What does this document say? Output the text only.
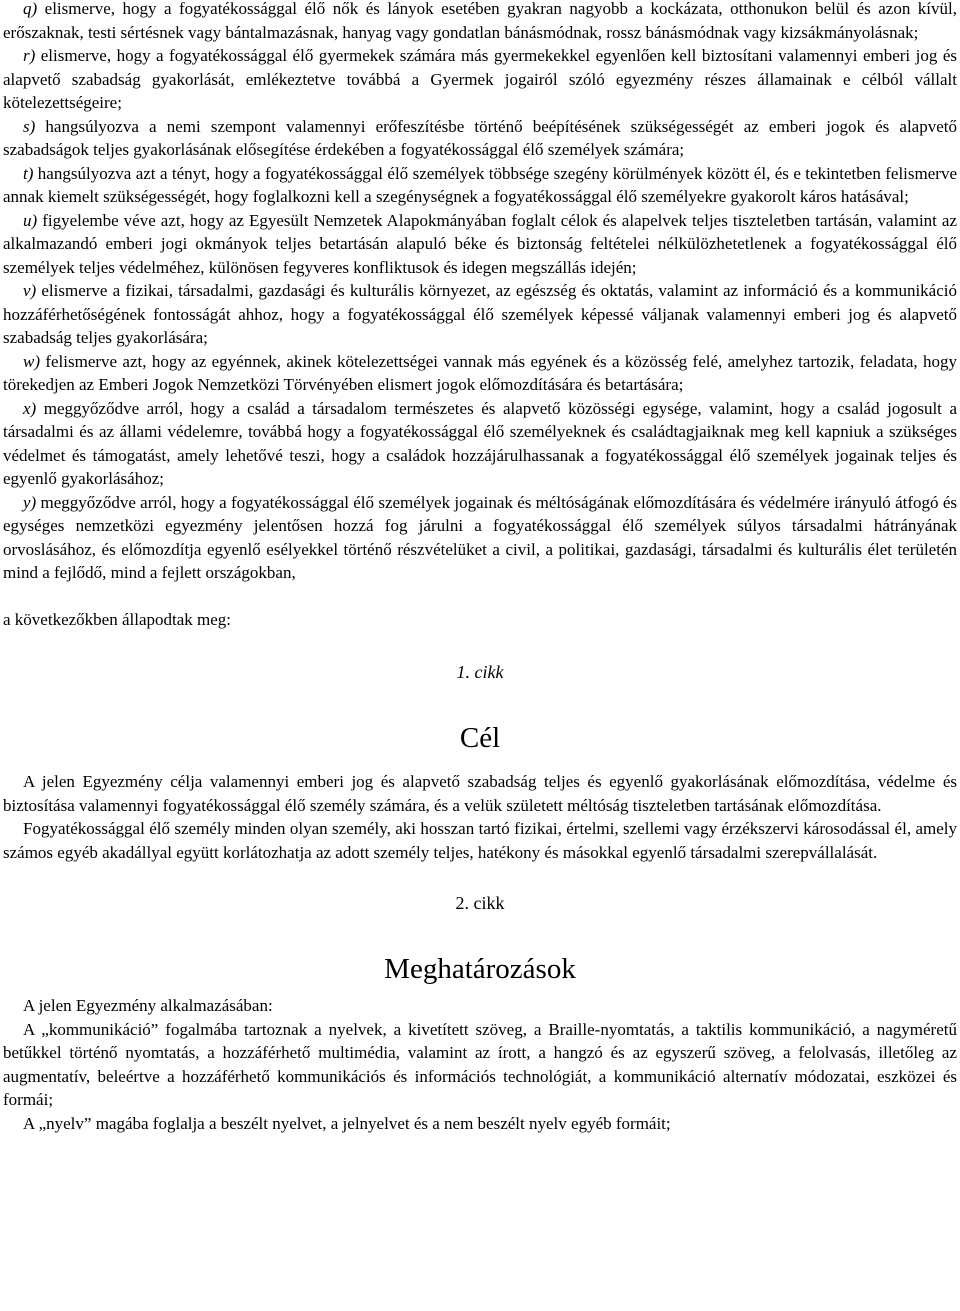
q) elismerve, hogy a fogyatékossággal élő nők és lányok esetében gyakran nagyobb a kockázata, otthonukon belül és azon kívül, erőszaknak, testi sértésnek vagy bántalmazásnak, hanyag vagy gondatlan bánásmódnak, rossz bánásmódnak vagy kizsákmányolásnak;

r) elismerve, hogy a fogyatékossággal élő gyermekek számára más gyermekekkel egyenlően kell biztosítani valamennyi emberi jog és alapvető szabadság gyakorlását, emlékeztetve továbbá a Gyermek jogairól szóló egyezmény részes államainak e célból vállalt kötelezettségeire;

s) hangsúlyozva a nemi szempont valamennyi erőfeszítésbe történő beépítésének szükségességét az emberi jogok és alapvető szabadságok teljes gyakorlásának elősegítése érdekében a fogyatékossággal élő személyek számára;

t) hangsúlyozva azt a tényt, hogy a fogyatékossággal élő személyek többsége szegény körülmények között él, és e tekintetben felismerve annak kiemelt szükségességét, hogy foglalkozni kell a szegénységnek a fogyatékossággal élő személyekre gyakorolt káros hatásával;

u) figyelembe véve azt, hogy az Egyesült Nemzetek Alapokmányában foglalt célok és alapelvek teljes tiszteletben tartásán, valamint az alkalmazandó emberi jogi okmányok teljes betartásán alapuló béke és biztonság feltételei nélkülözhetetlenek a fogyatékossággal élő személyek teljes védelméhez, különösen fegyveres konfliktusok és idegen megszállás idején;

v) elismerve a fizikai, társadalmi, gazdasági és kulturális környezet, az egészség és oktatás, valamint az információ és a kommunikáció hozzáférhetőségének fontosságát ahhoz, hogy a fogyatékossággal élő személyek képessé váljanak valamennyi emberi jog és alapvető szabadság teljes gyakorlására;

w) felismerve azt, hogy az egyénnek, akinek kötelezettségei vannak más egyének és a közösség felé, amelyhez tartozik, feladata, hogy törekedjen az Emberi Jogok Nemzetközi Törvényében elismert jogok előmozdítására és betartására;

x) meggyőződve arról, hogy a család a társadalom természetes és alapvető közösségi egysége, valamint, hogy a család jogosult a társadalmi és az állami védelemre, továbbá hogy a fogyatékossággal élő személyeknek és családtagjaiknak meg kell kapniuk a szükséges védelmet és támogatást, amely lehetővé teszi, hogy a családok hozzájárulhassanak a fogyatékossággal élő személyek jogainak teljes és egyenlő gyakorlásához;

y) meggyőződve arról, hogy a fogyatékossággal élő személyek jogainak és méltóságának előmozdítására és védelmére irányuló átfogó és egységes nemzetközi egyezmény jelentősen hozzá fog járulni a fogyatékossággal élő személyek súlyos társadalmi hátrányának orvoslásához, és előmozdítja egyenlő esélyekkel történő részvételüket a civil, a politikai, gazdasági, társadalmi és kulturális élet területén mind a fejlődő, mind a fejlett országokban,

a következőkben állapodtak meg:

1. cikk

Cél

A jelen Egyezmény célja valamennyi emberi jog és alapvető szabadság teljes és egyenlő gyakorlásának előmozdítása, védelme és biztosítása valamennyi fogyatékossággal élő személy számára, és a velük született méltóság tiszteletben tartásának előmozdítása.

Fogyatékossággal élő személy minden olyan személy, aki hosszan tartó fizikai, értelmi, szellemi vagy érzékszervi károsodással él, amely számos egyéb akadállyal együtt korlátozhatja az adott személy teljes, hatékony és másokkal egyenlő társadalmi szerepvállalását.

2. cikk

Meghatározások

A jelen Egyezmény alkalmazásában:

A „kommunikáció” fogalmába tartoznak a nyelvek, a kivetített szöveg, a Braille-nyomtatás, a taktilis kommunikáció, a nagyméretű betűkkel történő nyomtatás, a hozzáférhető multimédia, valamint az írott, a hangzó és az egyszerű szöveg, a felolvasás, illetőleg az augmentatív, beleértve a hozzáférhető kommunikációs és információs technológiát, a kommunikáció alternatív módozatai, eszközei és formái;

A „nyelv” magába foglalja a beszélt nyelvet, a jelnyelvet és a nem beszélt nyelv egyéb formáit;
